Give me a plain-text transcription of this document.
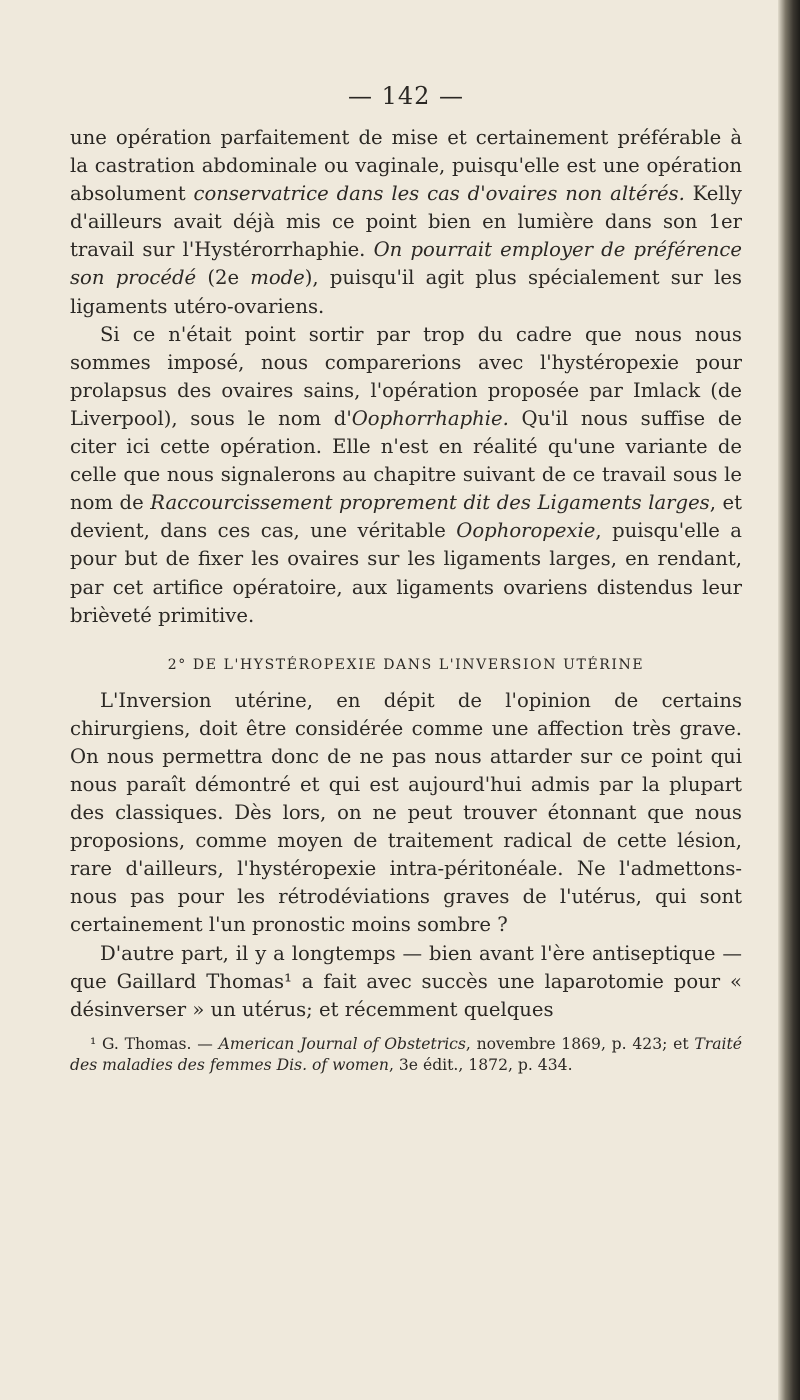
— 142 —

une opération parfaitement de mise et certainement préférable à la castration abdominale ou vaginale, puisqu'elle est une opération absolument conservatrice dans les cas d'ovaires non altérés. Kelly d'ailleurs avait déjà mis ce point bien en lumière dans son 1er travail sur l'Hystérorrhaphie. On pourrait employer de préférence son procédé (2e mode), puisqu'il agit plus spécialement sur les ligaments utéro-ovariens.

Si ce n'était point sortir par trop du cadre que nous nous sommes imposé, nous comparerions avec l'hystéropexie pour prolapsus des ovaires sains, l'opération proposée par Imlack (de Liverpool), sous le nom d'Oophorrhaphie. Qu'il nous suffise de citer ici cette opération. Elle n'est en réalité qu'une variante de celle que nous signalerons au chapitre suivant de ce travail sous le nom de Raccourcissement proprement dit des Ligaments larges, et devient, dans ces cas, une véritable Oophoropexie, puisqu'elle a pour but de fixer les ovaires sur les ligaments larges, en rendant, par cet artifice opératoire, aux ligaments ovariens distendus leur brièveté primitive.

2° DE L'HYSTÉROPEXIE DANS L'INVERSION UTÉRINE

L'Inversion utérine, en dépit de l'opinion de certains chirurgiens, doit être considérée comme une affection très grave. On nous permettra donc de ne pas nous attarder sur ce point qui nous paraît démontré et qui est aujourd'hui admis par la plupart des classiques. Dès lors, on ne peut trouver étonnant que nous proposions, comme moyen de traitement radical de cette lésion, rare d'ailleurs, l'hystéropexie intra-péritonéale. Ne l'admettons-nous pas pour les rétrodéviations graves de l'utérus, qui sont certainement l'un pronostic moins sombre ?

D'autre part, il y a longtemps — bien avant l'ère antiseptique — que Gaillard Thomas¹ a fait avec succès une laparotomie pour « désinverser » un utérus; et récemment quelques

¹ G. Thomas. — American Journal of Obstetrics, novembre 1869, p. 423; et Traité des maladies des femmes Dis. of women, 3e édit., 1872, p. 434.
